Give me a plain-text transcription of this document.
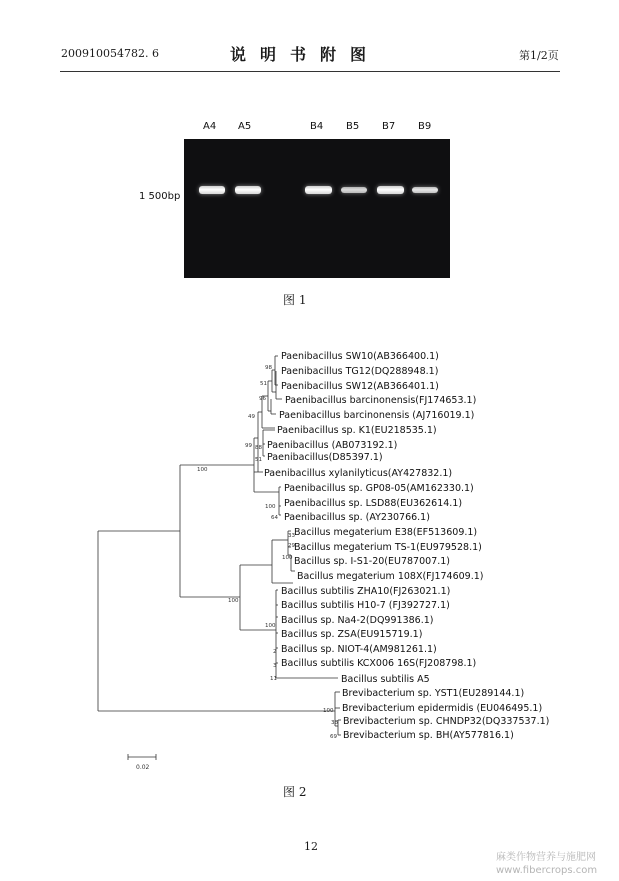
200910054782. 6	说明书附图	第1/2页
A4 A5	B4 B5 B7 B9
1 500bp
图 1
Paenibacillus SW10(AB366400.1)
Paenibacillus TG12(DQ288948.1)
Paenibacillus SW12(AB366401.1)
Paenibacillus barcinonensis(FJ174653.1)
Paenibacillus barcinonensis (AJ716019.1)
Paenibacillus sp. K1(EU218535.1)
Paenibacillus (AB073192.1)
Paenibacillus(D85397.1)
Paenibacillus xylanilyticus(AY427832.1)
Paenibacillus sp. GP08-05(AM162330.1)
Paenibacillus sp. LSD88(EU362614.1)
Paenibacillus sp. (AY230766.1)
Bacillus megaterium E38(EF513609.1)
Bacillus megaterium TS-1(EU979528.1)
Bacillus sp. I-S1-20(EU787007.1)
Bacillus megaterium 108X(FJ174609.1)
Bacillus subtilis ZHA10(FJ263021.1)
Bacillus subtilis H10-7 (FJ392727.1)
Bacillus sp. Na4-2(DQ991386.1)
Bacillus sp. ZSA(EU915719.1)
Bacillus sp. NIOT-4(AM981261.1)
Bacillus subtilis KCX006 16S(FJ208798.1)
Bacillus subtilis A5
Brevibacterium sp. YST1(EU289144.1)
Brevibacterium epidermidis (EU046495.1)
Brevibacterium sp. CHNDP32(DQ337537.1)
Brevibacterium sp. BH(AY577816.1)
98
51
96
49
99 88
51
100
100
64
33
29
100
100
100
2
3
11
100
38
69
0.02
图 2
12
麻类作物营养与施肥网
www.fibercrops.com
